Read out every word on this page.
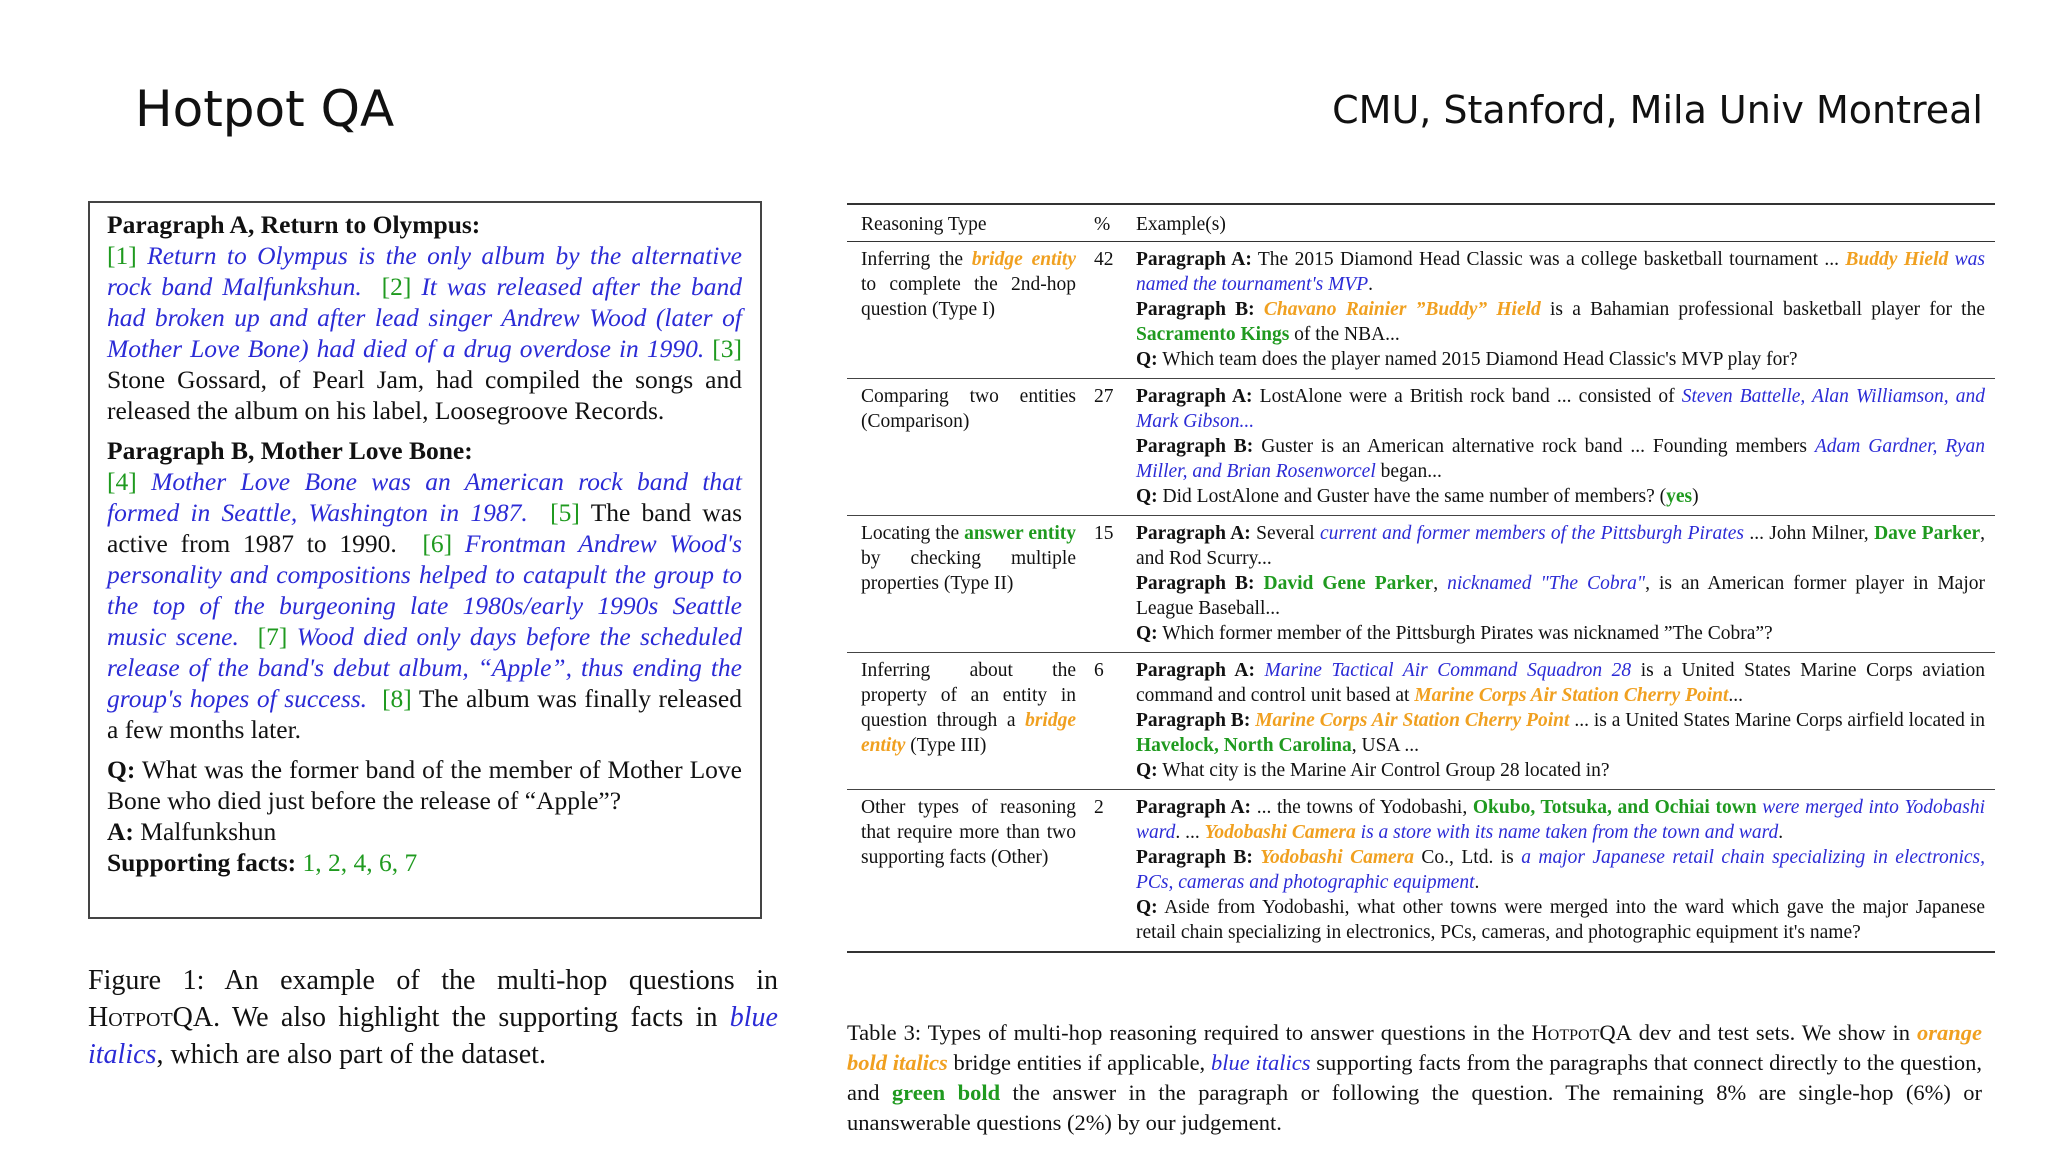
Hotpot QA	CMU, Stanford, Mila Univ Montreal

Paragraph A, Return to Olympus:

[1] Return to Olympus is the only album by the alternative rock band Malfunkshun. [2] It was released after the band had broken up and after lead singer Andrew Wood (later of Mother Love Bone) had died of a drug overdose in 1990. [3] Stone Gossard, of Pearl Jam, had compiled the songs and released the album on his label, Loosegroove Records.

Paragraph B, Mother Love Bone:

[4] Mother Love Bone was an American rock band that formed in Seattle, Washington in 1987. [5] The band was active from 1987 to 1990. [6] Frontman Andrew Wood's personality and compositions helped to catapult the group to the top of the burgeoning late 1980s/early 1990s Seattle music scene. [7] Wood died only days before the scheduled release of the band's debut album, “Apple”, thus ending the group's hopes of success. [8] The album was finally released a few months later.

Q: What was the former band of the member of Mother Love Bone who died just before the release of “Apple”?

A: Malfunkshun

Supporting facts: 1, 2, 4, 6, 7

Figure 1: An example of the multi-hop questions in HotpotQA. We also highlight the supporting facts in blue italics, which are also part of the dataset.
Reasoning Type	%	Example(s)
Inferring the bridge entity to complete the 2nd-hop question (Type I)	42	Paragraph A: The 2015 Diamond Head Classic was a college basketball tournament ... Buddy Hield was named the tournament's MVP.
Paragraph B: Chavano Rainier ”Buddy” Hield is a Bahamian professional basketball player for the Sacramento Kings of the NBA...
Q: Which team does the player named 2015 Diamond Head Classic's MVP play for?

Comparing two entities (Comparison)	27	Paragraph A: LostAlone were a British rock band ... consisted of Steven Battelle, Alan Williamson, and Mark Gibson...
Paragraph B: Guster is an American alternative rock band ... Founding members Adam Gardner, Ryan Miller, and Brian Rosenworcel began...
Q: Did LostAlone and Guster have the same number of members? (yes)

Locating the answer entity by checking multiple properties (Type II)	15	Paragraph A: Several current and former members of the Pittsburgh Pirates ... John Milner, Dave Parker, and Rod Scurry...
Paragraph B: David Gene Parker, nicknamed "The Cobra", is an American former player in Major League Baseball...
Q: Which former member of the Pittsburgh Pirates was nicknamed ”The Cobra”?

Inferring about the property of an entity in question through a bridge entity (Type III)	6	Paragraph A: Marine Tactical Air Command Squadron 28 is a United States Marine Corps aviation command and control unit based at Marine Corps Air Station Cherry Point...
Paragraph B: Marine Corps Air Station Cherry Point ... is a United States Marine Corps airfield located in Havelock, North Carolina, USA ...
Q: What city is the Marine Air Control Group 28 located in?

Other types of reasoning that require more than two supporting facts (Other)	2	Paragraph A: ... the towns of Yodobashi, Okubo, Totsuka, and Ochiai town were merged into Yodobashi ward. ... Yodobashi Camera is a store with its name taken from the town and ward.
Paragraph B: Yodobashi Camera Co., Ltd. is a major Japanese retail chain specializing in electronics, PCs, cameras and photographic equipment.
Q: Aside from Yodobashi, what other towns were merged into the ward which gave the major Japanese retail chain specializing in electronics, PCs, cameras, and photographic equipment it's name?
Table 3: Types of multi-hop reasoning required to answer questions in the HotpotQA dev and test sets. We show in orange bold italics bridge entities if applicable, blue italics supporting facts from the paragraphs that connect directly to the question, and green bold the answer in the paragraph or following the question. The remaining 8% are single-hop (6%) or unanswerable questions (2%) by our judgement.
